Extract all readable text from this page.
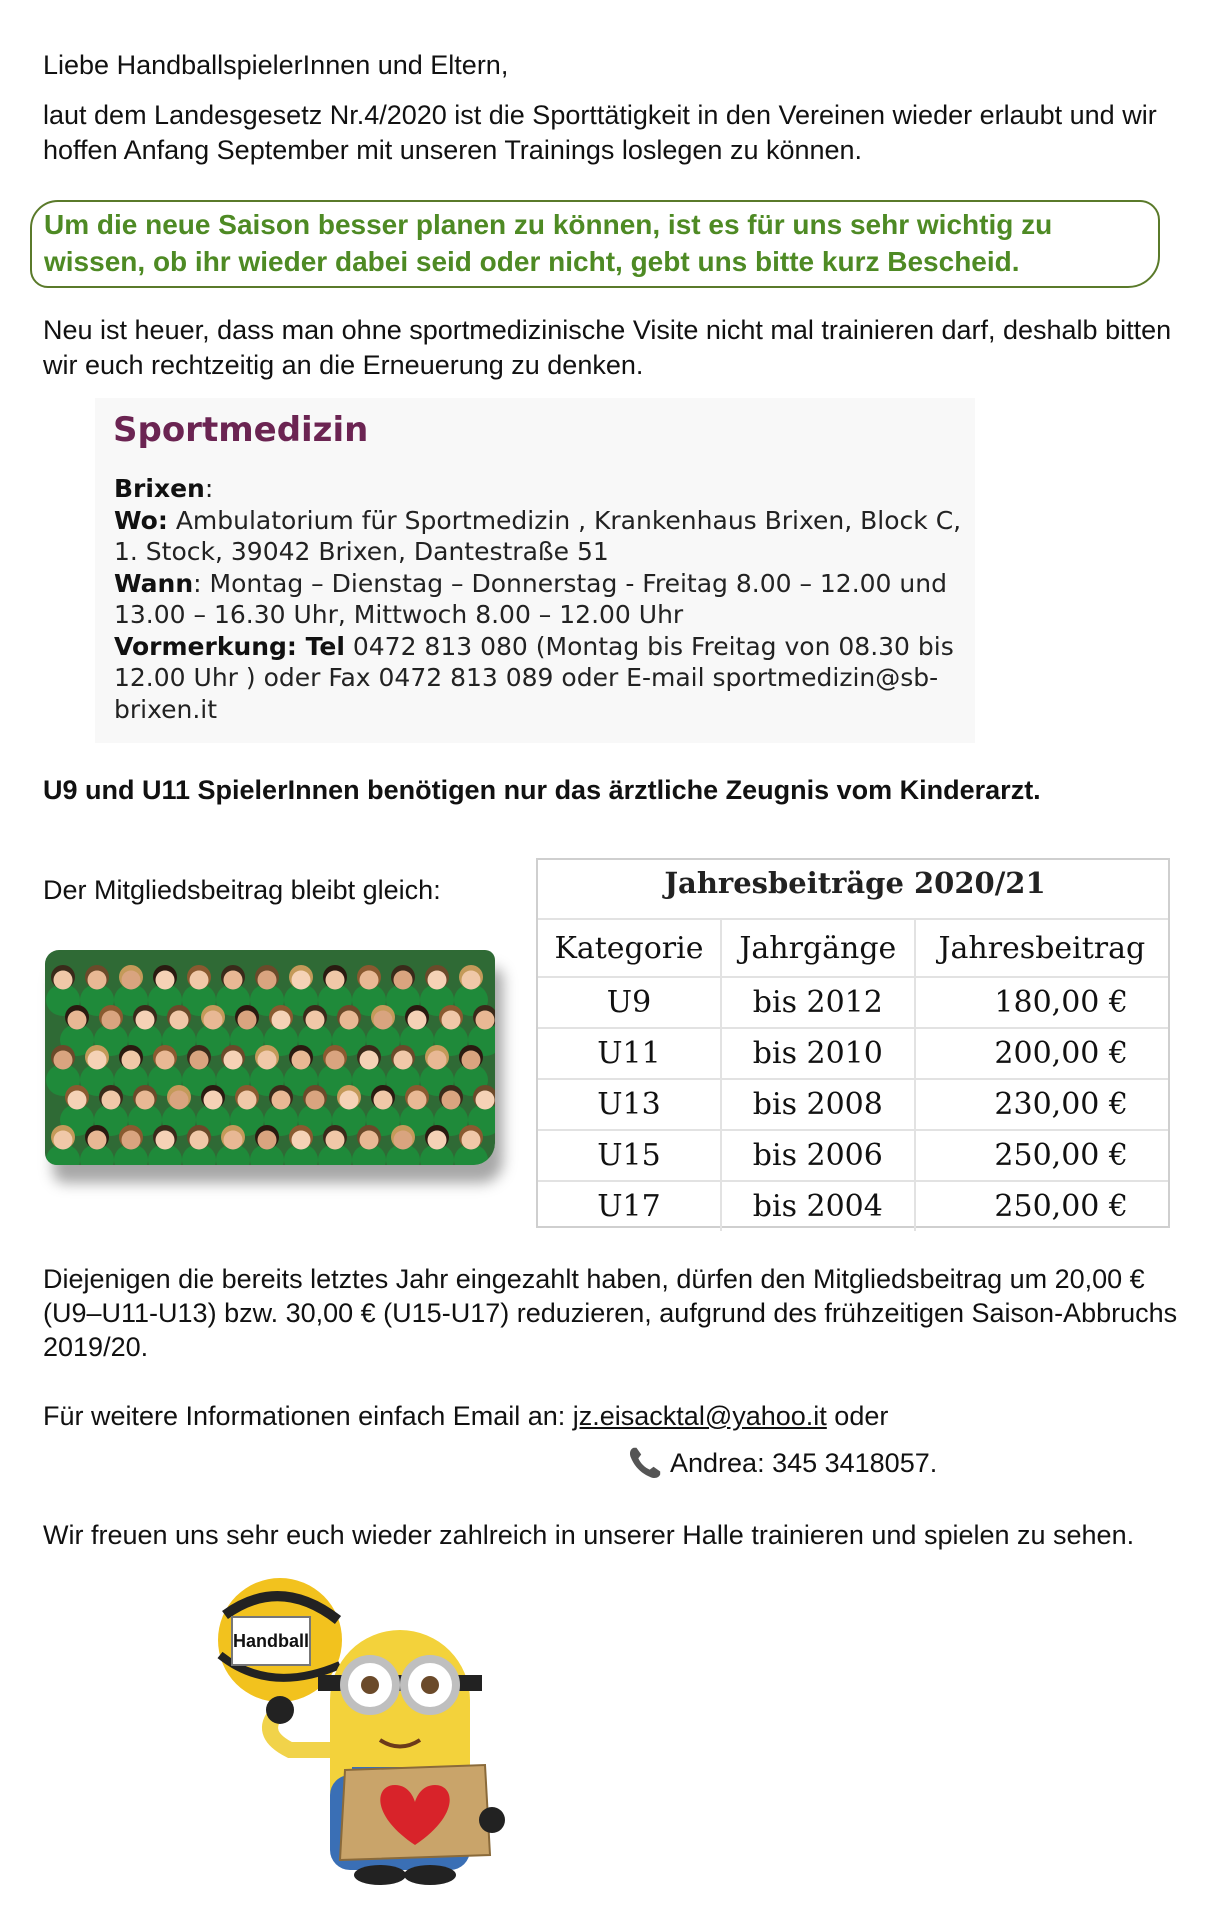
Liebe HandballspielerInnen und Eltern,

laut dem Landesgesetz Nr.4/2020 ist die Sporttätigkeit in den Vereinen wieder erlaubt und wir hoffen Anfang September mit unseren Trainings loslegen zu können.

Um die neue Saison besser planen zu können, ist es für uns sehr wichtig zu wissen, ob ihr wieder dabei seid oder nicht, gebt uns bitte kurz Bescheid.

Neu ist heuer, dass man ohne sportmedizinische Visite nicht mal trainieren darf, deshalb bitten wir euch rechtzeitig an die Erneuerung zu denken.

Sportmedizin
Brixen:
Wo: Ambulatorium für Sportmedizin , Krankenhaus Brixen, Block C, 1. Stock, 39042 Brixen, Dantestraße 51
Wann: Montag – Dienstag – Donnerstag - Freitag 8.00 – 12.00 und 13.00 – 16.30 Uhr, Mittwoch 8.00 – 12.00 Uhr
Vormerkung: Tel 0472 813 080 (Montag bis Freitag von 08.30 bis 12.00 Uhr ) oder Fax 0472 813 089 oder E-mail sportmedizin@sb-brixen.it

U9 und U11 SpielerInnen benötigen nur das ärztliche Zeugnis vom Kinderarzt.

Der Mitgliedsbeitrag bleibt gleich:	Jahresbeiträge 2020/21
Kategorie	Jahrgänge	Jahresbeitrag
U9	bis 2012	180,00 €
U11	bis 2010	200,00 €
U13	bis 2008	230,00 €
U15	bis 2006	250,00 €
U17	bis 2004	250,00 €

Diejenigen die bereits letztes Jahr eingezahlt haben, dürfen den Mitgliedsbeitrag um 20,00 € (U9–U11-U13) bzw. 30,00 € (U15-U17) reduzieren, aufgrund des frühzeitigen Saison-Abbruchs 2019/20.

Für weitere Informationen einfach Email an: jz.eisacktal@yahoo.it oder

Andrea: 345 3418057.

Wir freuen uns sehr euch wieder zahlreich in unserer Halle trainieren und spielen zu sehen.

Handball
